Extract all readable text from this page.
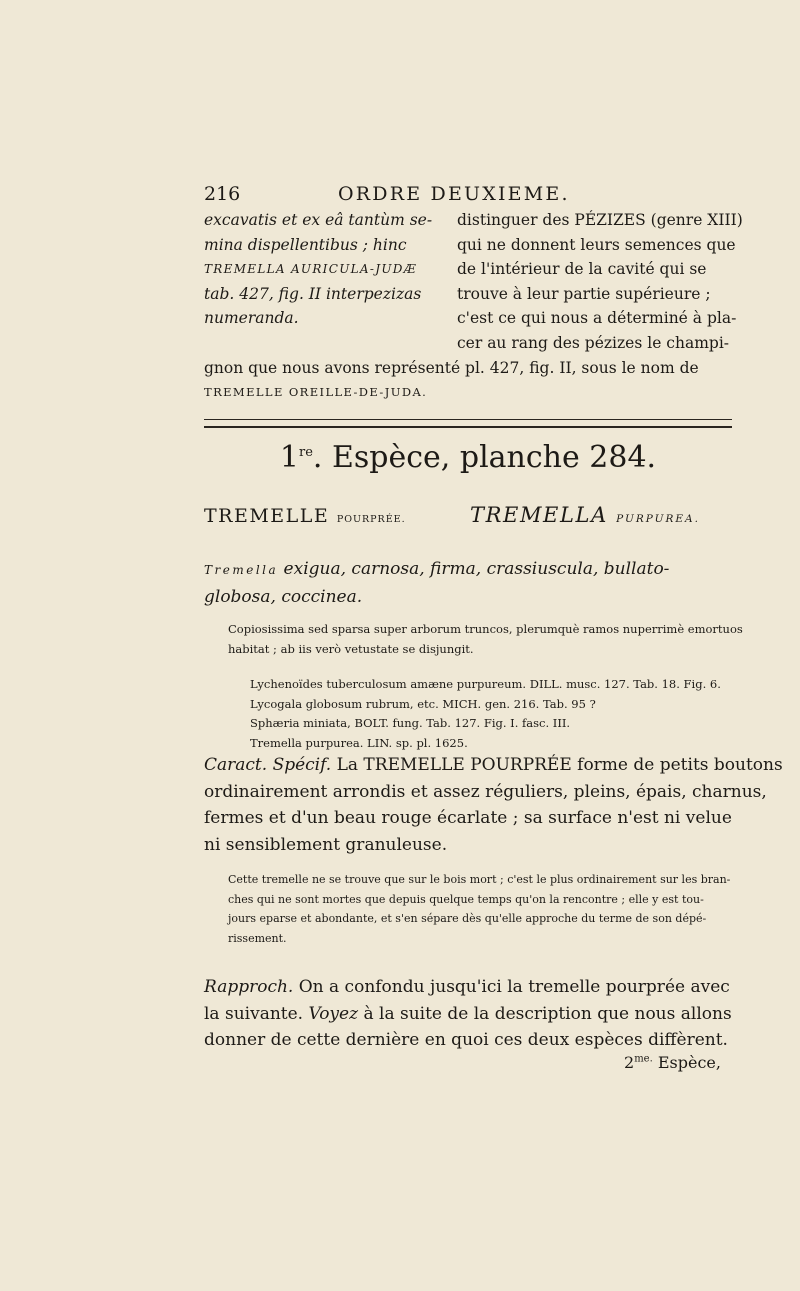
216	ORDRE DEUXIEME.
excavatis et ex eâ tantùm se-
mina dispellentibus ; hinc
TREMELLA AURICULA-JUDÆ
tab. 427, fig. II interpezizas
numeranda.
distinguer des PÉZIZES (genre XIII)
qui ne donnent leurs semences que
de l'intérieur de la cavité qui se
trouve à leur partie supérieure ;
c'est ce qui nous a déterminé à pla-
cer au rang des pézizes le champi-
gnon que nous avons représenté pl. 427, fig. II, sous le nom de
TREMELLE OREILLE-DE-JUDA.
1re. Espèce, planche 284.
TREMELLE POURPRÉE.	TREMELLA PURPUREA.
Tremella exigua, carnosa, firma, crassiuscula, bullato-
globosa, coccinea.
Copiosissima sed sparsa super arborum truncos, plerumquè ramos nuperrimè emortuos
habitat ; ab iis verò vetustate se disjungit.
Lychenoïdes tuberculosum amæne purpureum. DILL. musc. 127. Tab. 18. Fig. 6.
Lycogala globosum rubrum, etc. MICH. gen. 216. Tab. 95 ?
Sphæria miniata, BOLT. fung. Tab. 127. Fig. I. fasc. III.
Tremella purpurea. LIN. sp. pl. 1625.
Caract. Spécif. La TREMELLE POURPRÉE forme de petits boutons
ordinairement arrondis et assez réguliers, pleins, épais, charnus,
fermes et d'un beau rouge écarlate ; sa surface n'est ni velue
ni sensiblement granuleuse.
Cette tremelle ne se trouve que sur le bois mort ; c'est le plus ordinairement sur les bran-
ches qui ne sont mortes que depuis quelque temps qu'on la rencontre ; elle y est tou-
jours eparse et abondante, et s'en sépare dès qu'elle approche du terme de son dépé-
rissement.
Rapproch. On a confondu jusqu'ici la tremelle pourprée avec
la suivante. Voyez à la suite de la description que nous allons
donner de cette dernière en quoi ces deux espèces diffèrent.
$2^{me.}$ Espèce,
